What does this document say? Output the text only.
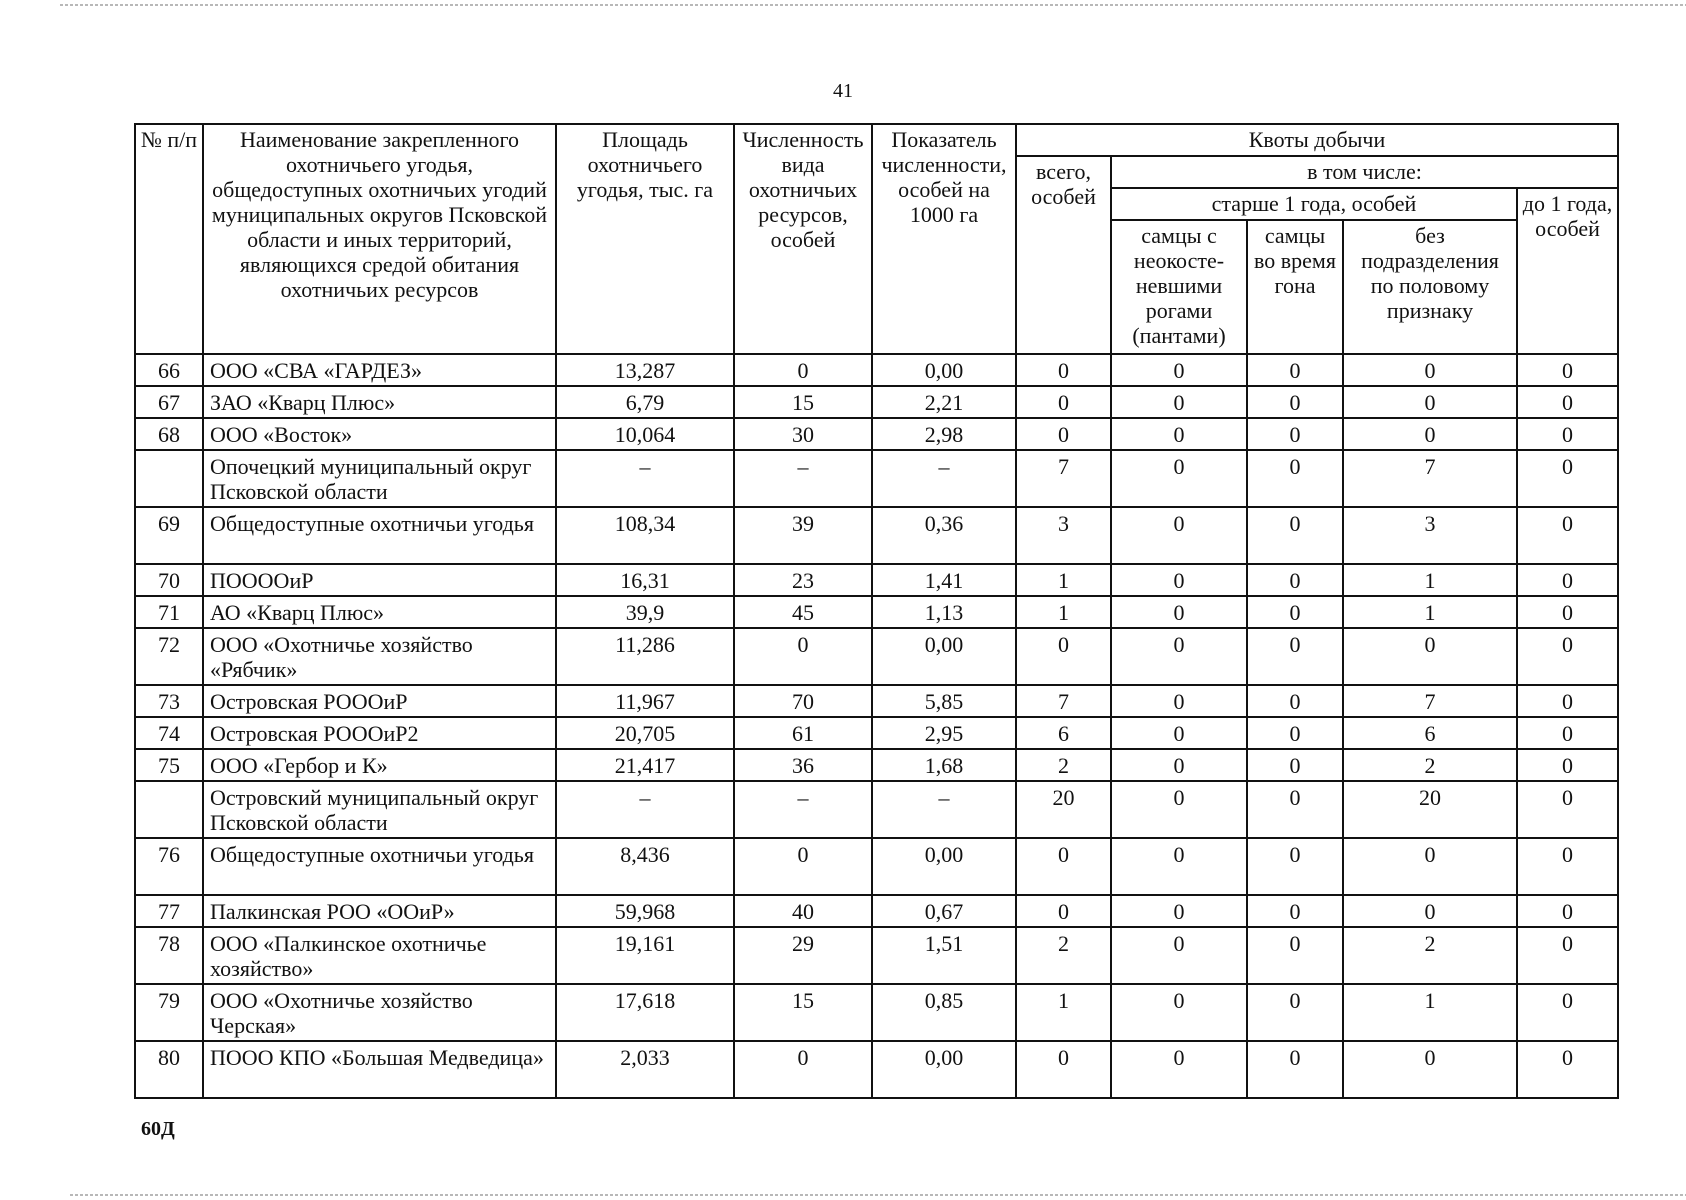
41
№ п/п	Наименование закрепленного охотничьего угодья, общедоступных охотничьих угодий муниципальных округов Псковской области и иных территорий, являющихся средой обитания охотничьих ресурсов	Площадь охотничьего угодья, тыс. га	Численность вида охотничьих ресурсов, особей	Показатель численности, особей на 1000 га	Квоты добычи				
					всего, особей	в том числе:			
						старше 1 года, особей			до 1 года, особей
						самцы с неокосте-невшими рогами (пантами)	самцы во время гона	без подразделения по половому признаку	
66	ООО «СВА «ГАРДЕЗ»	13,287	0	0,00	0	0	0	0	0
67	ЗАО «Кварц Плюс»	6,79	15	2,21	0	0	0	0	0
68	ООО «Восток»	10,064	30	2,98	0	0	0	0	0
	Опочецкий муниципальный округ Псковской области	–	–	–	7	0	0	7	0
69	Общедоступные охотничьи угодья	108,34	39	0,36	3	0	0	3	0
70	ПООООиР	16,31	23	1,41	1	0	0	1	0
71	АО «Кварц Плюс»	39,9	45	1,13	1	0	0	1	0
72	ООО «Охотничье хозяйство «Рябчик»	11,286	0	0,00	0	0	0	0	0
73	Островская РОООиР	11,967	70	5,85	7	0	0	7	0
74	Островская РОООиР2	20,705	61	2,95	6	0	0	6	0
75	ООО «Гербор и К»	21,417	36	1,68	2	0	0	2	0
	Островский муниципальный округ Псковской области	–	–	–	20	0	0	20	0
76	Общедоступные охотничьи угодья	8,436	0	0,00	0	0	0	0	0
77	Палкинская РОО «ООиР»	59,968	40	0,67	0	0	0	0	0
78	ООО «Палкинское охотничье хозяйство»	19,161	29	1,51	2	0	0	2	0
79	ООО «Охотничье хозяйство Черская»	17,618	15	0,85	1	0	0	1	0
80	ПООО КПО «Большая Медведица»	2,033	0	0,00	0	0	0	0	0
60Д
